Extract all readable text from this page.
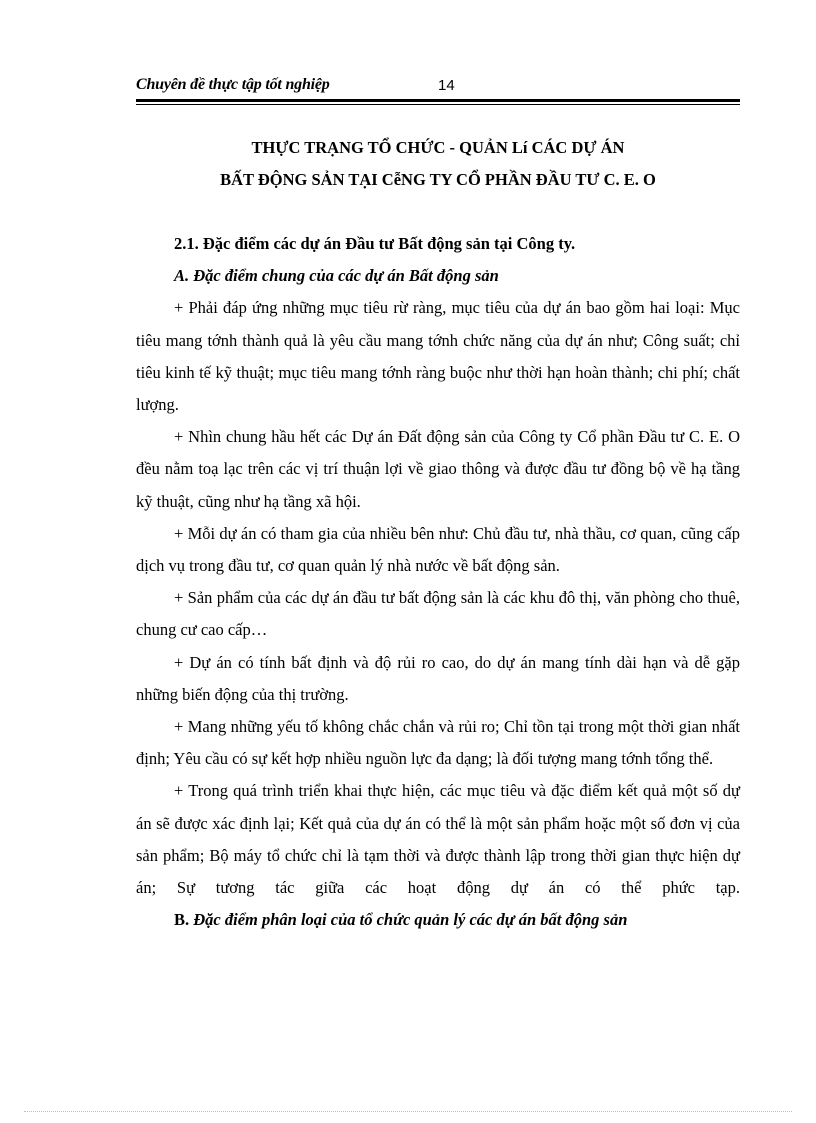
Chuyên đề thực tập tốt nghiệp	14
THỰC TRẠNG TỔ CHỨC - QUẢN Lí CÁC DỰ ÁN
BẤT ĐỘNG SẢN TẠI CễNG TY CỔ PHẦN ĐẦU TƯ C. E. O
2.1. Đặc điểm các dự án Đầu tư Bất động sản tại Công ty.
A. Đặc điểm chung của các dự án Bất động sản

+ Phải đáp ứng những mục tiêu rừ ràng, mục tiêu của dự án bao gồm hai loại: Mục tiêu mang tớnh thành quả là yêu cầu mang tớnh chức năng của dự án như; Công suất; chỉ tiêu kinh tế kỹ thuật; mục tiêu mang tớnh ràng buộc như thời hạn hoàn thành; chi phí; chất lượng.

+ Nhìn chung hầu hết các Dự án Đất động sản của Công ty Cổ phần Đầu tư C. E. O đều nằm toạ lạc trên các vị trí thuận lợi về giao thông và được đầu tư đồng bộ về hạ tầng kỹ thuật, cũng như hạ tầng xã hội.

+ Mỗi dự án có tham gia của nhiều bên như: Chủ đầu tư, nhà thầu, cơ quan, cũng cấp dịch vụ trong đầu tư, cơ quan quản lý nhà nước về bất động sản.

+ Sản phẩm của các dự án đầu tư bất động sản là các khu đô thị, văn phòng cho thuê, chung cư cao cấp…

+ Dự án có tính bất định và độ rủi ro cao, do dự án mang tính dài hạn và dễ gặp những biến động của thị trường.

+ Mang những yếu tố không chắc chắn và rủi ro; Chỉ tồn tại trong một thời gian nhất định; Yêu cầu có sự kết hợp nhiều nguồn lực đa dạng; là đối tượng mang tớnh tổng thể.

+ Trong quá trình triển khai thực hiện, các mục tiêu và đặc điểm kết quả một số dự án sẽ được xác định lại; Kết quả của dự án có thể là một sản phẩm hoặc một số đơn vị của sản phẩm; Bộ máy tổ chức chỉ là tạm thời và được thành lập trong thời gian thực hiện dự án; Sự tương tác giữa các hoạt động dự án có thể phức tạp.

B. Đặc điểm phân loại của tổ chức quản lý các dự án bất động sản
